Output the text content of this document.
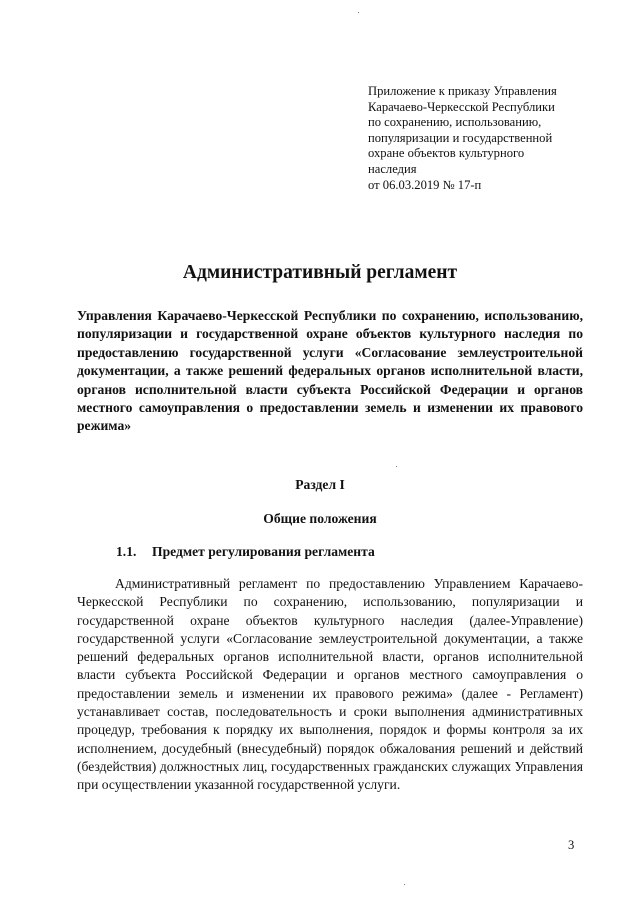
Приложение к приказу Управления
Карачаево-Черкесской Республики
по сохранению, использованию,
популяризации и государственной
охране объектов культурного
наследия
от 06.03.2019 № 17-п
Административный регламент
Управления Карачаево-Черкесской Республики по сохранению, использованию, популяризации и государственной охране объектов культурного наследия по предоставлению государственной услуги «Согласование землеустроительной документации, а также решений федеральных органов исполнительной власти, органов исполнительной власти субъекта Российской Федерации и органов местного самоуправления о предоставлении земель и изменении их правового режима»
Раздел I
Общие положения
1.1. Предмет регулирования регламента

Административный регламент по предоставлению Управлением Карачаево-Черкесской Республики по сохранению, использованию, популяризации и государственной охране объектов культурного наследия (далее-Управление) государственной услуги «Согласование землеустроительной документации, а также решений федеральных органов исполнительной власти, органов исполнительной власти субъекта Российской Федерации и органов местного самоуправления о предоставлении земель и изменении их правового режима» (далее - Регламент) устанавливает состав, последовательность и сроки выполнения административных процедур, требования к порядку их выполнения, порядок и формы контроля за их исполнением, досудебный (внесудебный) порядок обжалования решений и действий (бездействия) должностных лиц, государственных гражданских служащих Управления при осуществлении указанной государственной услуги.

3
